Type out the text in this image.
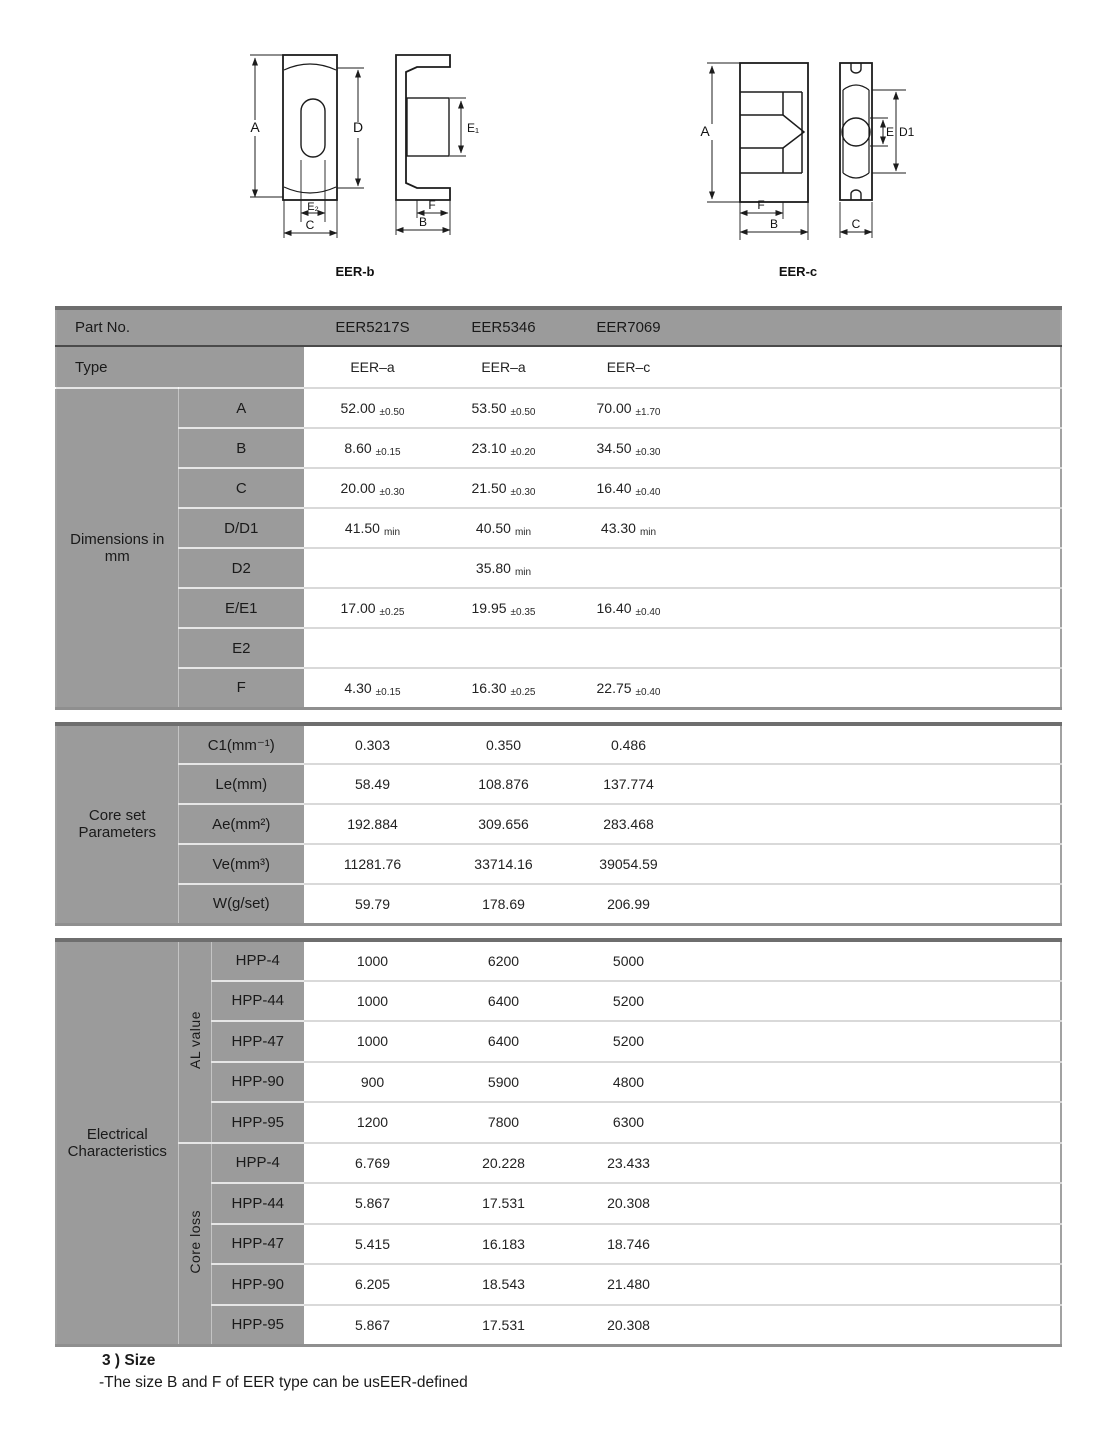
A	D
E₂
C
E₁
F
B
EER-b
A
F
B
E D1
C
EER-c
Part No.		EER5217S	EER5346	EER7069	
Type		EER–a	EER–a	EER–c	
Dimensions in mm	A	52.00 ±0.50	53.50 ±0.50	70.00 ±1.70	
	B	8.60 ±0.15	23.10 ±0.20	34.50 ±0.30	
	C	20.00 ±0.30	21.50 ±0.30	16.40 ±0.40	
	D/D1	41.50 min	40.50 min	43.30 min	
	D2		35.80 min		
	E/E1	17.00 ±0.25	19.95 ±0.35	16.40 ±0.40	
	E2				
	F	4.30 ±0.15	16.30 ±0.25	22.75 ±0.40	
Core set Parameters	C1(mm⁻¹)	0.303	0.350	0.486	
	Le(mm)	58.49	108.876	137.774	
	Ae(mm²)	192.884	309.656	283.468	
	Ve(mm³)	11281.76	33714.16	39054.59	
	W(g/set)	59.79	178.69	206.99	
Electrical Characteristics	AL value	HPP-4	1000	6200	5000	
		HPP-44	1000	6400	5200	
		HPP-47	1000	6400	5200	
		HPP-90	900	5900	4800	
		HPP-95	1200	7800	6300	
	Core loss	HPP-4	6.769	20.228	23.433	
		HPP-44	5.867	17.531	20.308	
		HPP-47	5.415	16.183	18.746	
		HPP-90	6.205	18.543	21.480	
		HPP-95	5.867	17.531	20.308	
3 ) Size
-The size B and F of EER type can be usEER-defined
